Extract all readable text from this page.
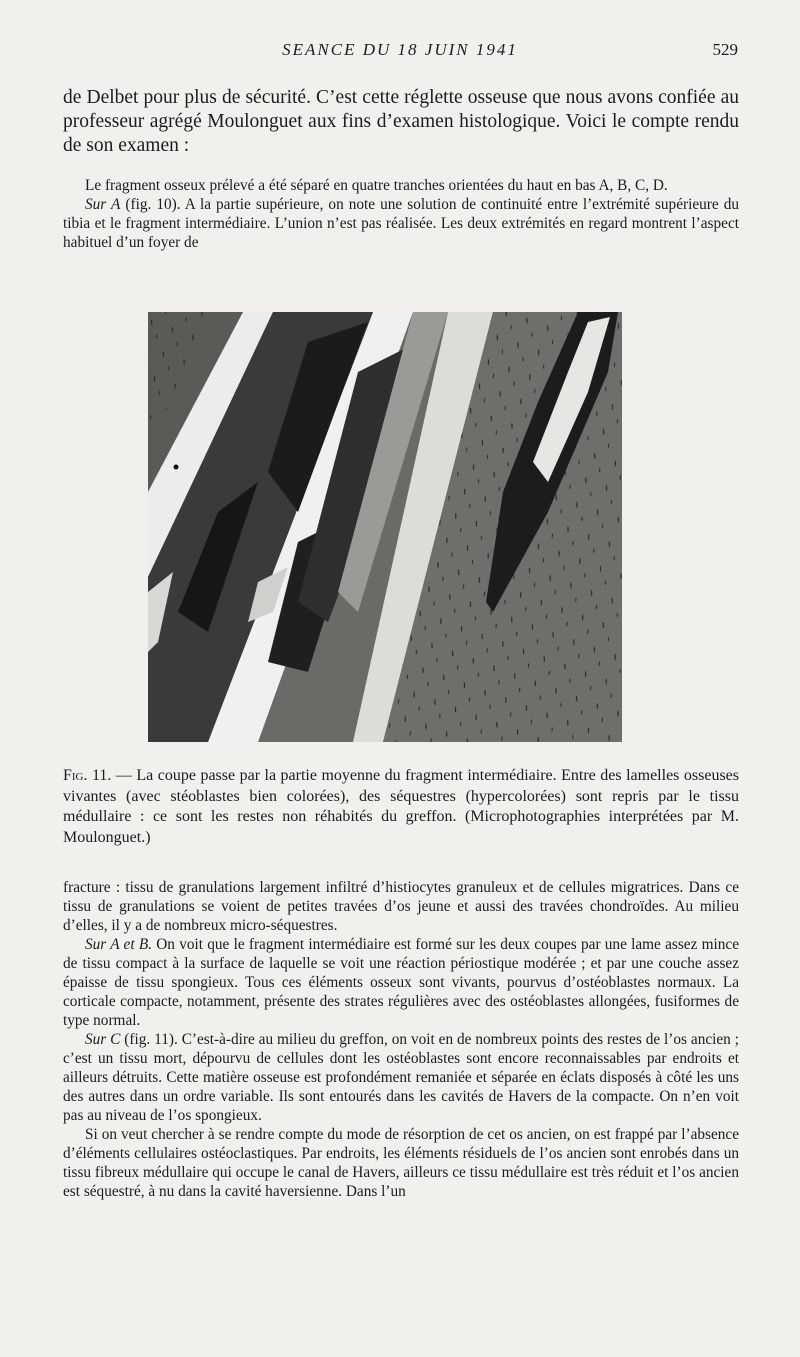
SEANCE DU 18 JUIN 1941	529

de Delbet pour plus de sécurité. C’est cette réglette osseuse que nous avons confiée au professeur agrégé Moulonguet aux fins d’examen histologique. Voici le compte rendu de son examen :

Le fragment osseux prélevé a été séparé en quatre tranches orientées du haut en bas A, B, C, D.

Sur A (fig. 10). A la partie supérieure, on note une solution de continuité entre l’extrémité supérieure du tibia et le fragment intermédiaire. L’union n’est pas réalisée. Les deux extrémités en regard montrent l’aspect habituel d’un foyer de

Fig. 11. — La coupe passe par la partie moyenne du fragment intermédiaire. Entre des lamelles osseuses vivantes (avec stéoblastes bien colorées), des séquestres (hypercolorées) sont repris par le tissu médullaire : ce sont les restes non réhabités du greffon. (Microphotographies interprétées par M. Moulonguet.)

fracture : tissu de granulations largement infiltré d’histiocytes granuleux et de cellules migratrices. Dans ce tissu de granulations se voient de petites travées d’os jeune et aussi des travées chondroïdes. Au milieu d’elles, il y a de nombreux micro-séquestres.

Sur A et B. On voit que le fragment intermédiaire est formé sur les deux coupes par une lame assez mince de tissu compact à la surface de laquelle se voit une réaction périostique modérée ; et par une couche assez épaisse de tissu spongieux. Tous ces éléments osseux sont vivants, pourvus d’ostéoblastes normaux. La corticale compacte, notamment, présente des strates régulières avec des ostéoblastes allongées, fusiformes de type normal.

Sur C (fig. 11). C’est-à-dire au milieu du greffon, on voit en de nombreux points des restes de l’os ancien ; c’est un tissu mort, dépourvu de cellules dont les ostéoblastes sont encore reconnaissables par endroits et ailleurs détruits. Cette matière osseuse est profondément remaniée et séparée en éclats disposés à côté les uns des autres dans un ordre variable. Ils sont entourés dans les cavités de Havers de la compacte. On n’en voit pas au niveau de l’os spongieux.

Si on veut chercher à se rendre compte du mode de résorption de cet os ancien, on est frappé par l’absence d’éléments cellulaires ostéoclastiques. Par endroits, les éléments résiduels de l’os ancien sont enrobés dans un tissu fibreux médullaire qui occupe le canal de Havers, ailleurs ce tissu médullaire est très réduit et l’os ancien est séquestré, à nu dans la cavité haversienne. Dans l’un
